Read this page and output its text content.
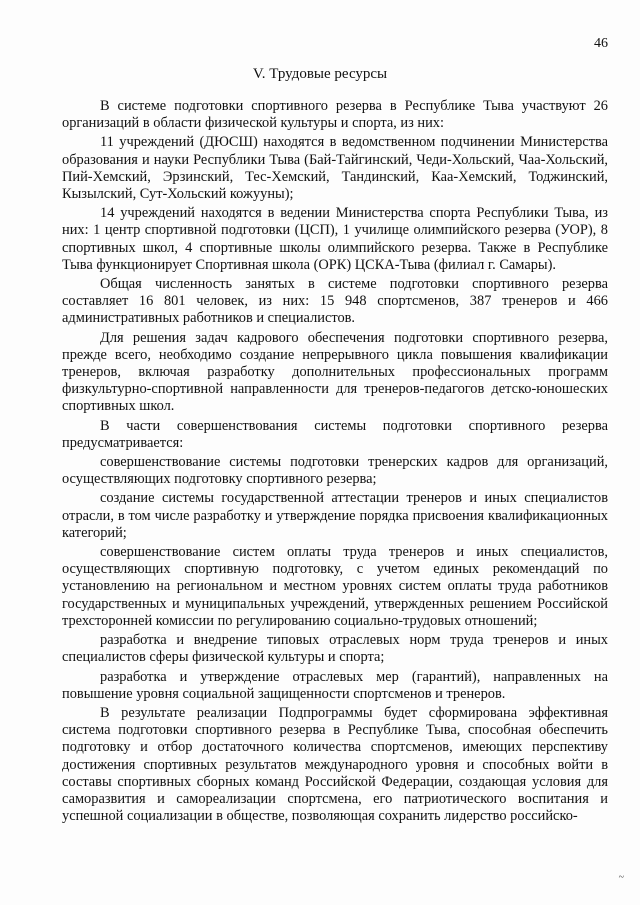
46
V. Трудовые ресурсы

В системе подготовки спортивного резерва в Республике Тыва участвуют 26 организаций в области физической культуры и спорта, из них:

11 учреждений (ДЮСШ) находятся в ведомственном подчинении Министерства образования и науки Республики Тыва (Бай-Тайгинский, Чеди-Хольский, Чаа-Хольский, Пий-Хемский, Эрзинский, Тес-Хемский, Тандинский, Каа-Хемский, Тоджинский, Кызылский, Сут-Хольский кожууны);

14 учреждений находятся в ведении Министерства спорта Республики Тыва, из них: 1 центр спортивной подготовки (ЦСП), 1 училище олимпийского резерва (УОР), 8 спортивных школ, 4 спортивные школы олимпийского резерва. Также в Республике Тыва функционирует Спортивная школа (ОРК) ЦСКА-Тыва (филиал г. Самары).

Общая численность занятых в системе подготовки спортивного резерва составляет 16 801 человек, из них: 15 948 спортсменов, 387 тренеров и 466 административных работников и специалистов.

Для решения задач кадрового обеспечения подготовки спортивного резерва, прежде всего, необходимо создание непрерывного цикла повышения квалификации тренеров, включая разработку дополнительных профессиональных программ физкультурно-спортивной направленности для тренеров-педагогов детско-юношеских спортивных школ.

В части совершенствования системы подготовки спортивного резерва предусматривается:

совершенствование системы подготовки тренерских кадров для организаций, осуществляющих подготовку спортивного резерва;

создание системы государственной аттестации тренеров и иных специалистов отрасли, в том числе разработку и утверждение порядка присвоения квалификационных категорий;

совершенствование систем оплаты труда тренеров и иных специалистов, осуществляющих спортивную подготовку, с учетом единых рекомендаций по установлению на региональном и местном уровнях систем оплаты труда работников государственных и муниципальных учреждений, утвержденных решением Российской трехсторонней комиссии по регулированию социально-трудовых отношений;

разработка и внедрение типовых отраслевых норм труда тренеров и иных специалистов сферы физической культуры и спорта;

разработка и утверждение отраслевых мер (гарантий), направленных на повышение уровня социальной защищенности спортсменов и тренеров.

В результате реализации Подпрограммы будет сформирована эффективная система подготовки спортивного резерва в Республике Тыва, способная обеспечить подготовку и отбор достаточного количества спортсменов, имеющих перспективу достижения спортивных результатов международного уровня и способных войти в составы спортивных сборных команд Российской Федерации, создающая условия для саморазвития и самореализации спортсмена, его патриотического воспитания и успешной социализации в обществе, позволяющая сохранить лидерство российско-

~
